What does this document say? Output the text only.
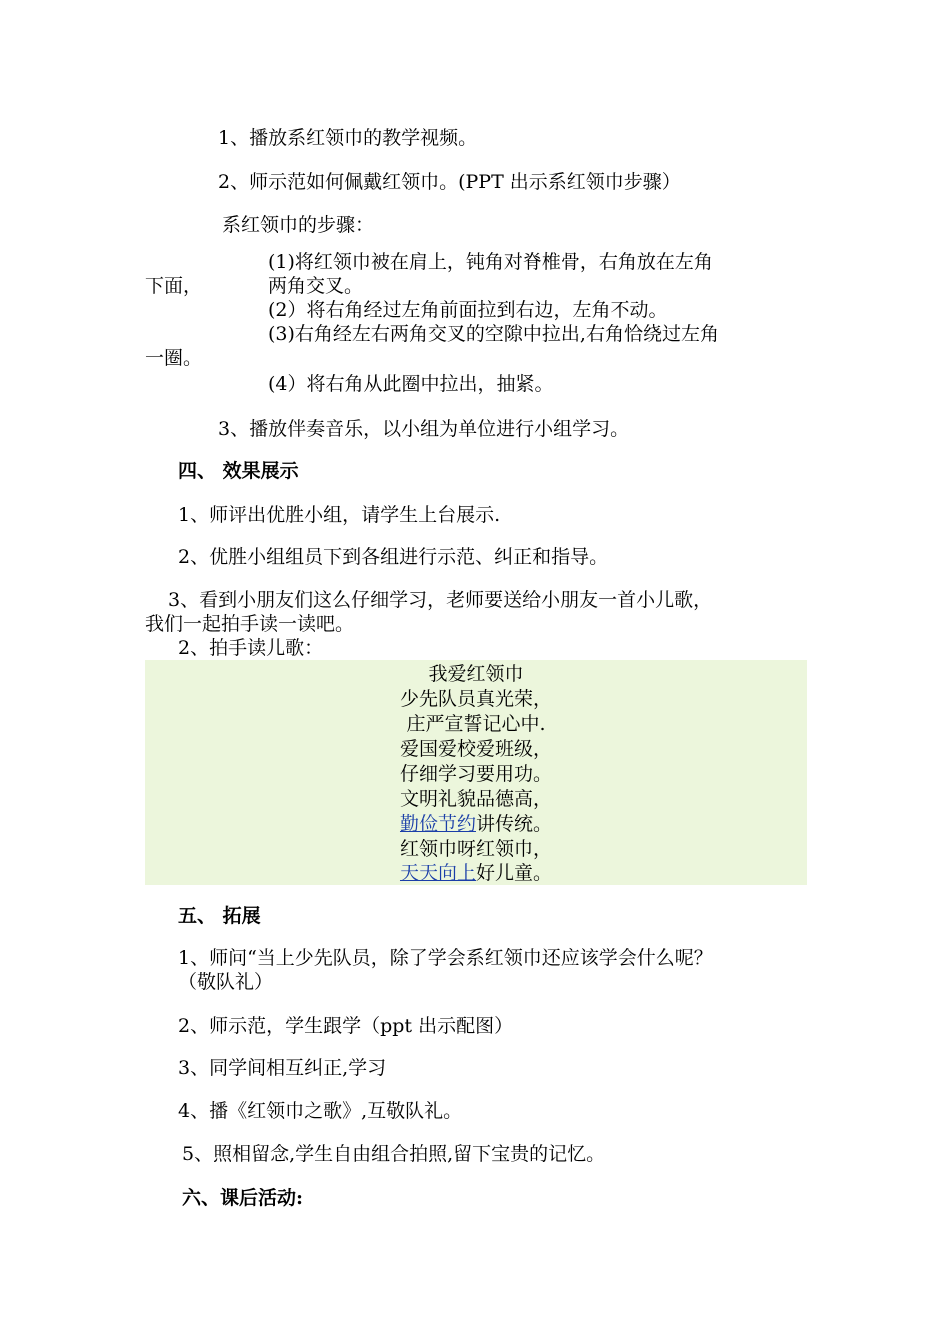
1、播放系红领巾的教学视频。
2、师示范如何佩戴红领巾。(PPT 出示系红领巾步骤）
系红领巾的步骤：
(1)将红领巾被在肩上，钝角对脊椎骨，右角放在左角
下面，	两角交叉。
(2）将右角经过左角前面拉到右边，左角不动。
(3)右角经左右两角交叉的空隙中拉出,右角恰绕过左角
一圈。
(4）将右角从此圈中拉出，抽紧。
3、播放伴奏音乐，以小组为单位进行小组学习。
四、 效果展示
1、师评出优胜小组，请学生上台展示.
2、优胜小组组员下到各组进行示范、纠正和指导。
3、看到小朋友们这么仔细学习，老师要送给小朋友一首小儿歌，
我们一起拍手读一读吧。
2、拍手读儿歌：
我爱红领巾
少先队员真光荣，
庄严宣誓记心中.
爱国爱校爱班级，
仔细学习要用功。
文明礼貌品德高，
勤俭节约讲传统。
红领巾呀红领巾，
天天向上好儿童。
五、 拓展
1、师问“当上少先队员，除了学会系红领巾还应该学会什么呢？
（敬队礼）
2、师示范，学生跟学（ppt 出示配图）
3、同学间相互纠正,学习
4、播《红领巾之歌》,互敬队礼。
5、照相留念,学生自由组合拍照,留下宝贵的记忆。
六、课后活动:
